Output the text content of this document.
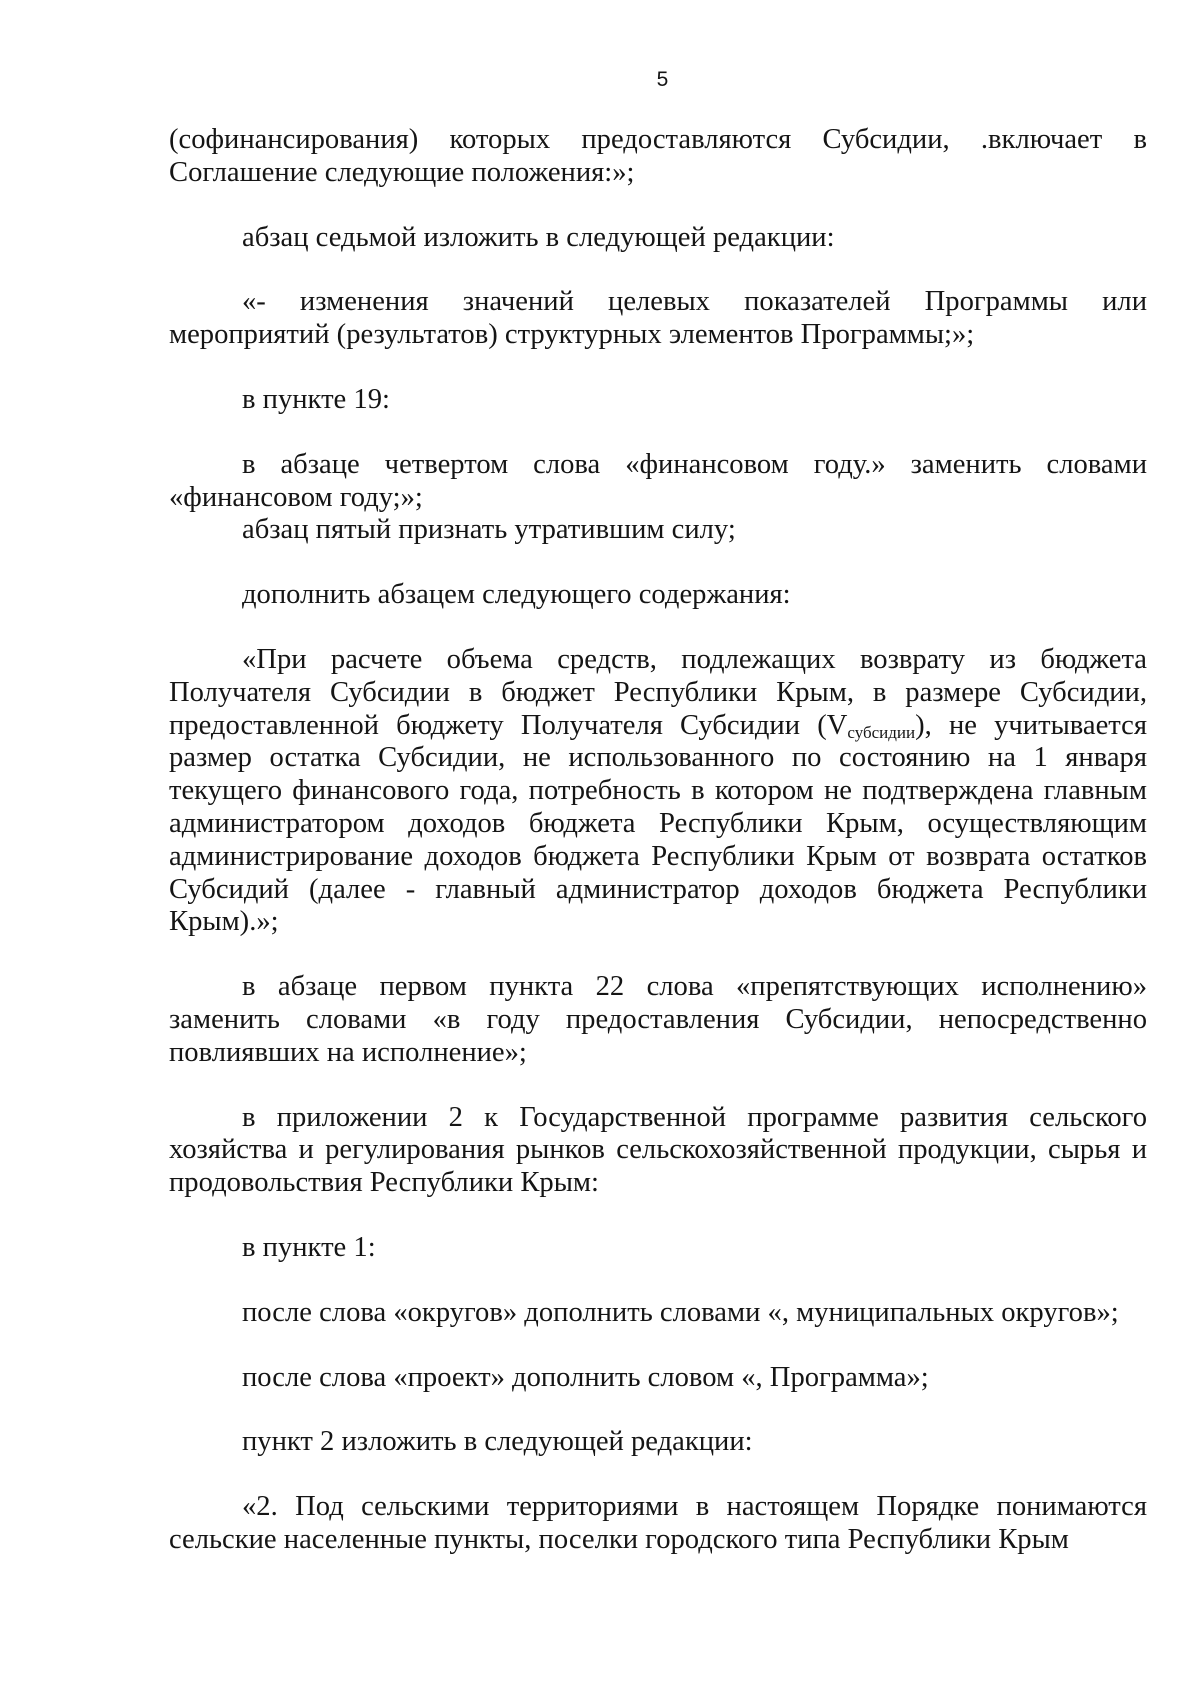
5

(софинансирования) которых предоставляются Субсидии, .включает в Соглашение следующие положения:»;

абзац седьмой изложить в следующей редакции:

«- изменения значений целевых показателей Программы или мероприятий (результатов) структурных элементов Программы;»;

в пункте 19:

в абзаце четвертом слова «финансовом году.» заменить словами «финансовом году;»;

абзац пятый признать утратившим силу;

дополнить абзацем следующего содержания:

«При расчете объема средств, подлежащих возврату из бюджета Получателя Субсидии в бюджет Республики Крым, в размере Субсидии, предоставленной бюджету Получателя Субсидии $(V_{субсидии})$, не учитывается размер остатка Субсидии, не использованного по состоянию на 1 января текущего финансового года, потребность в котором не подтверждена главным администратором доходов бюджета Республики Крым, осуществляющим администрирование доходов бюджета Республики Крым от возврата остатков Субсидий (далее - главный администратор доходов бюджета Республики Крым).»;

в абзаце первом пункта 22 слова «препятствующих исполнению» заменить словами «в году предоставления Субсидии, непосредственно повлиявших на исполнение»;

в приложении 2 к Государственной программе развития сельского хозяйства и регулирования рынков сельскохозяйственной продукции, сырья и продовольствия Республики Крым:

в пункте 1:

после слова «округов» дополнить словами «, муниципальных округов»;

после слова «проект» дополнить словом «, Программа»;

пункт 2 изложить в следующей редакции:

«2. Под сельскими территориями в настоящем Порядке понимаются сельские населенные пункты, поселки городского типа Республики Крым
